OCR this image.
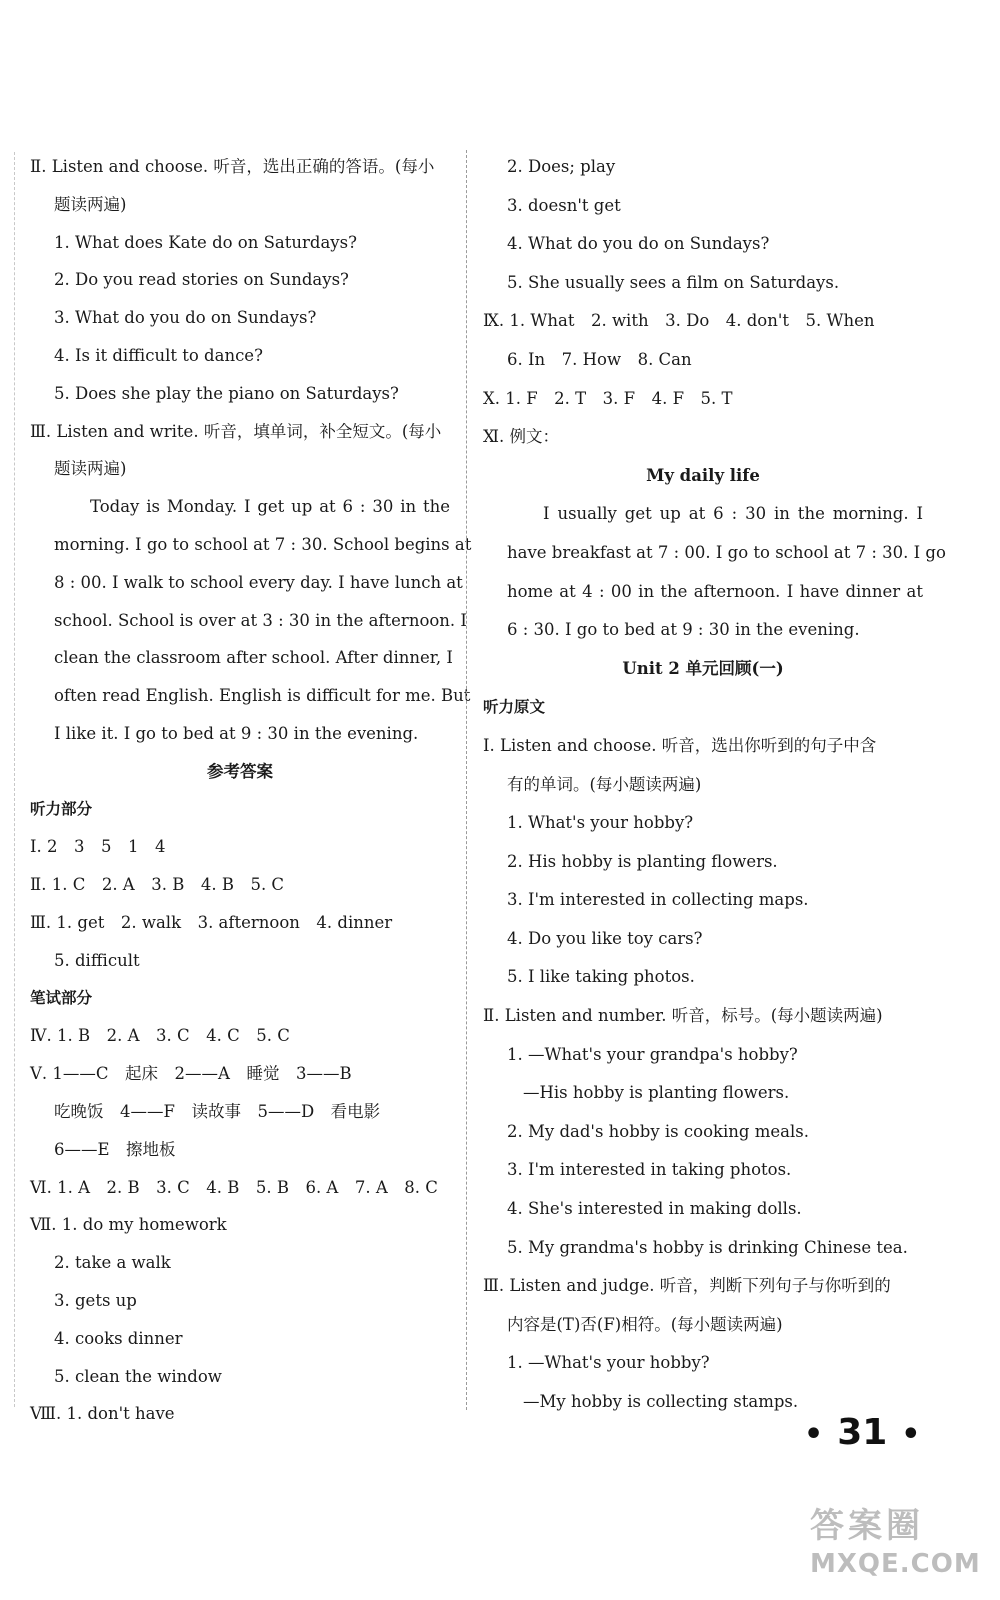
Ⅱ. Listen and choose. 听音，选出正确的答语。(每小
题读两遍)
1. What does Kate do on Saturdays?
2. Do you read stories on Sundays?
3. What do you do on Sundays?
4. Is it difficult to dance?
5. Does she play the piano on Saturdays?
Ⅲ. Listen and write. 听音，填单词，补全短文。(每小
题读两遍)
Today is Monday. I get up at 6 : 30 in the
morning. I go to school at 7 : 30. School begins at
8 : 00. I walk to school every day. I have lunch at
school. School is over at 3 : 30 in the afternoon. I
clean the classroom after school. After dinner, I
often read English. English is difficult for me. But
I like it. I go to bed at 9 : 30 in the evening.
参考答案
听力部分
Ⅰ. 2　3　5　1　4
Ⅱ. 1. C　2. A　3. B　4. B　5. C
Ⅲ. 1. get　2. walk　3. afternoon　4. dinner
5. difficult
笔试部分
Ⅳ. 1. B　2. A　3. C　4. C　5. C
Ⅴ. 1——C　起床　2——A　睡觉　3——B
吃晚饭　4——F　读故事　5——D　看电影
6——E　擦地板
Ⅵ. 1. A　2. B　3. C　4. B　5. B　6. A　7. A　8. C
Ⅶ. 1. do my homework
2. take a walk
3. gets up
4. cooks dinner
5. clean the window
Ⅷ. 1. don't have
2. Does; play
3. doesn't get
4. What do you do on Sundays?
5. She usually sees a film on Saturdays.
Ⅸ. 1. What　2. with　3. Do　4. don't　5. When
6. In　7. How　8. Can
Ⅹ. 1. F　2. T　3. F　4. F　5. T
Ⅺ. 例文：
My daily life
I usually get up at 6 : 30 in the morning. I
have breakfast at 7 : 00. I go to school at 7 : 30. I go
home at 4 : 00 in the afternoon. I have dinner at
6 : 30. I go to bed at 9 : 30 in the evening.
Unit 2 单元回顾(一)
听力原文
Ⅰ. Listen and choose. 听音，选出你听到的句子中含
有的单词。(每小题读两遍)
1. What's your hobby?
2. His hobby is planting flowers.
3. I'm interested in collecting maps.
4. Do you like toy cars?
5. I like taking photos.
Ⅱ. Listen and number. 听音，标号。(每小题读两遍)
1. —What's your grandpa's hobby?
—His hobby is planting flowers.
2. My dad's hobby is cooking meals.
3. I'm interested in taking photos.
4. She's interested in making dolls.
5. My grandma's hobby is drinking Chinese tea.
Ⅲ. Listen and judge. 听音，判断下列句子与你听到的
内容是(T)否(F)相符。(每小题读两遍)
1. —What's your hobby?
—My hobby is collecting stamps.
• 31 •
答案圈
MXQE.COM
